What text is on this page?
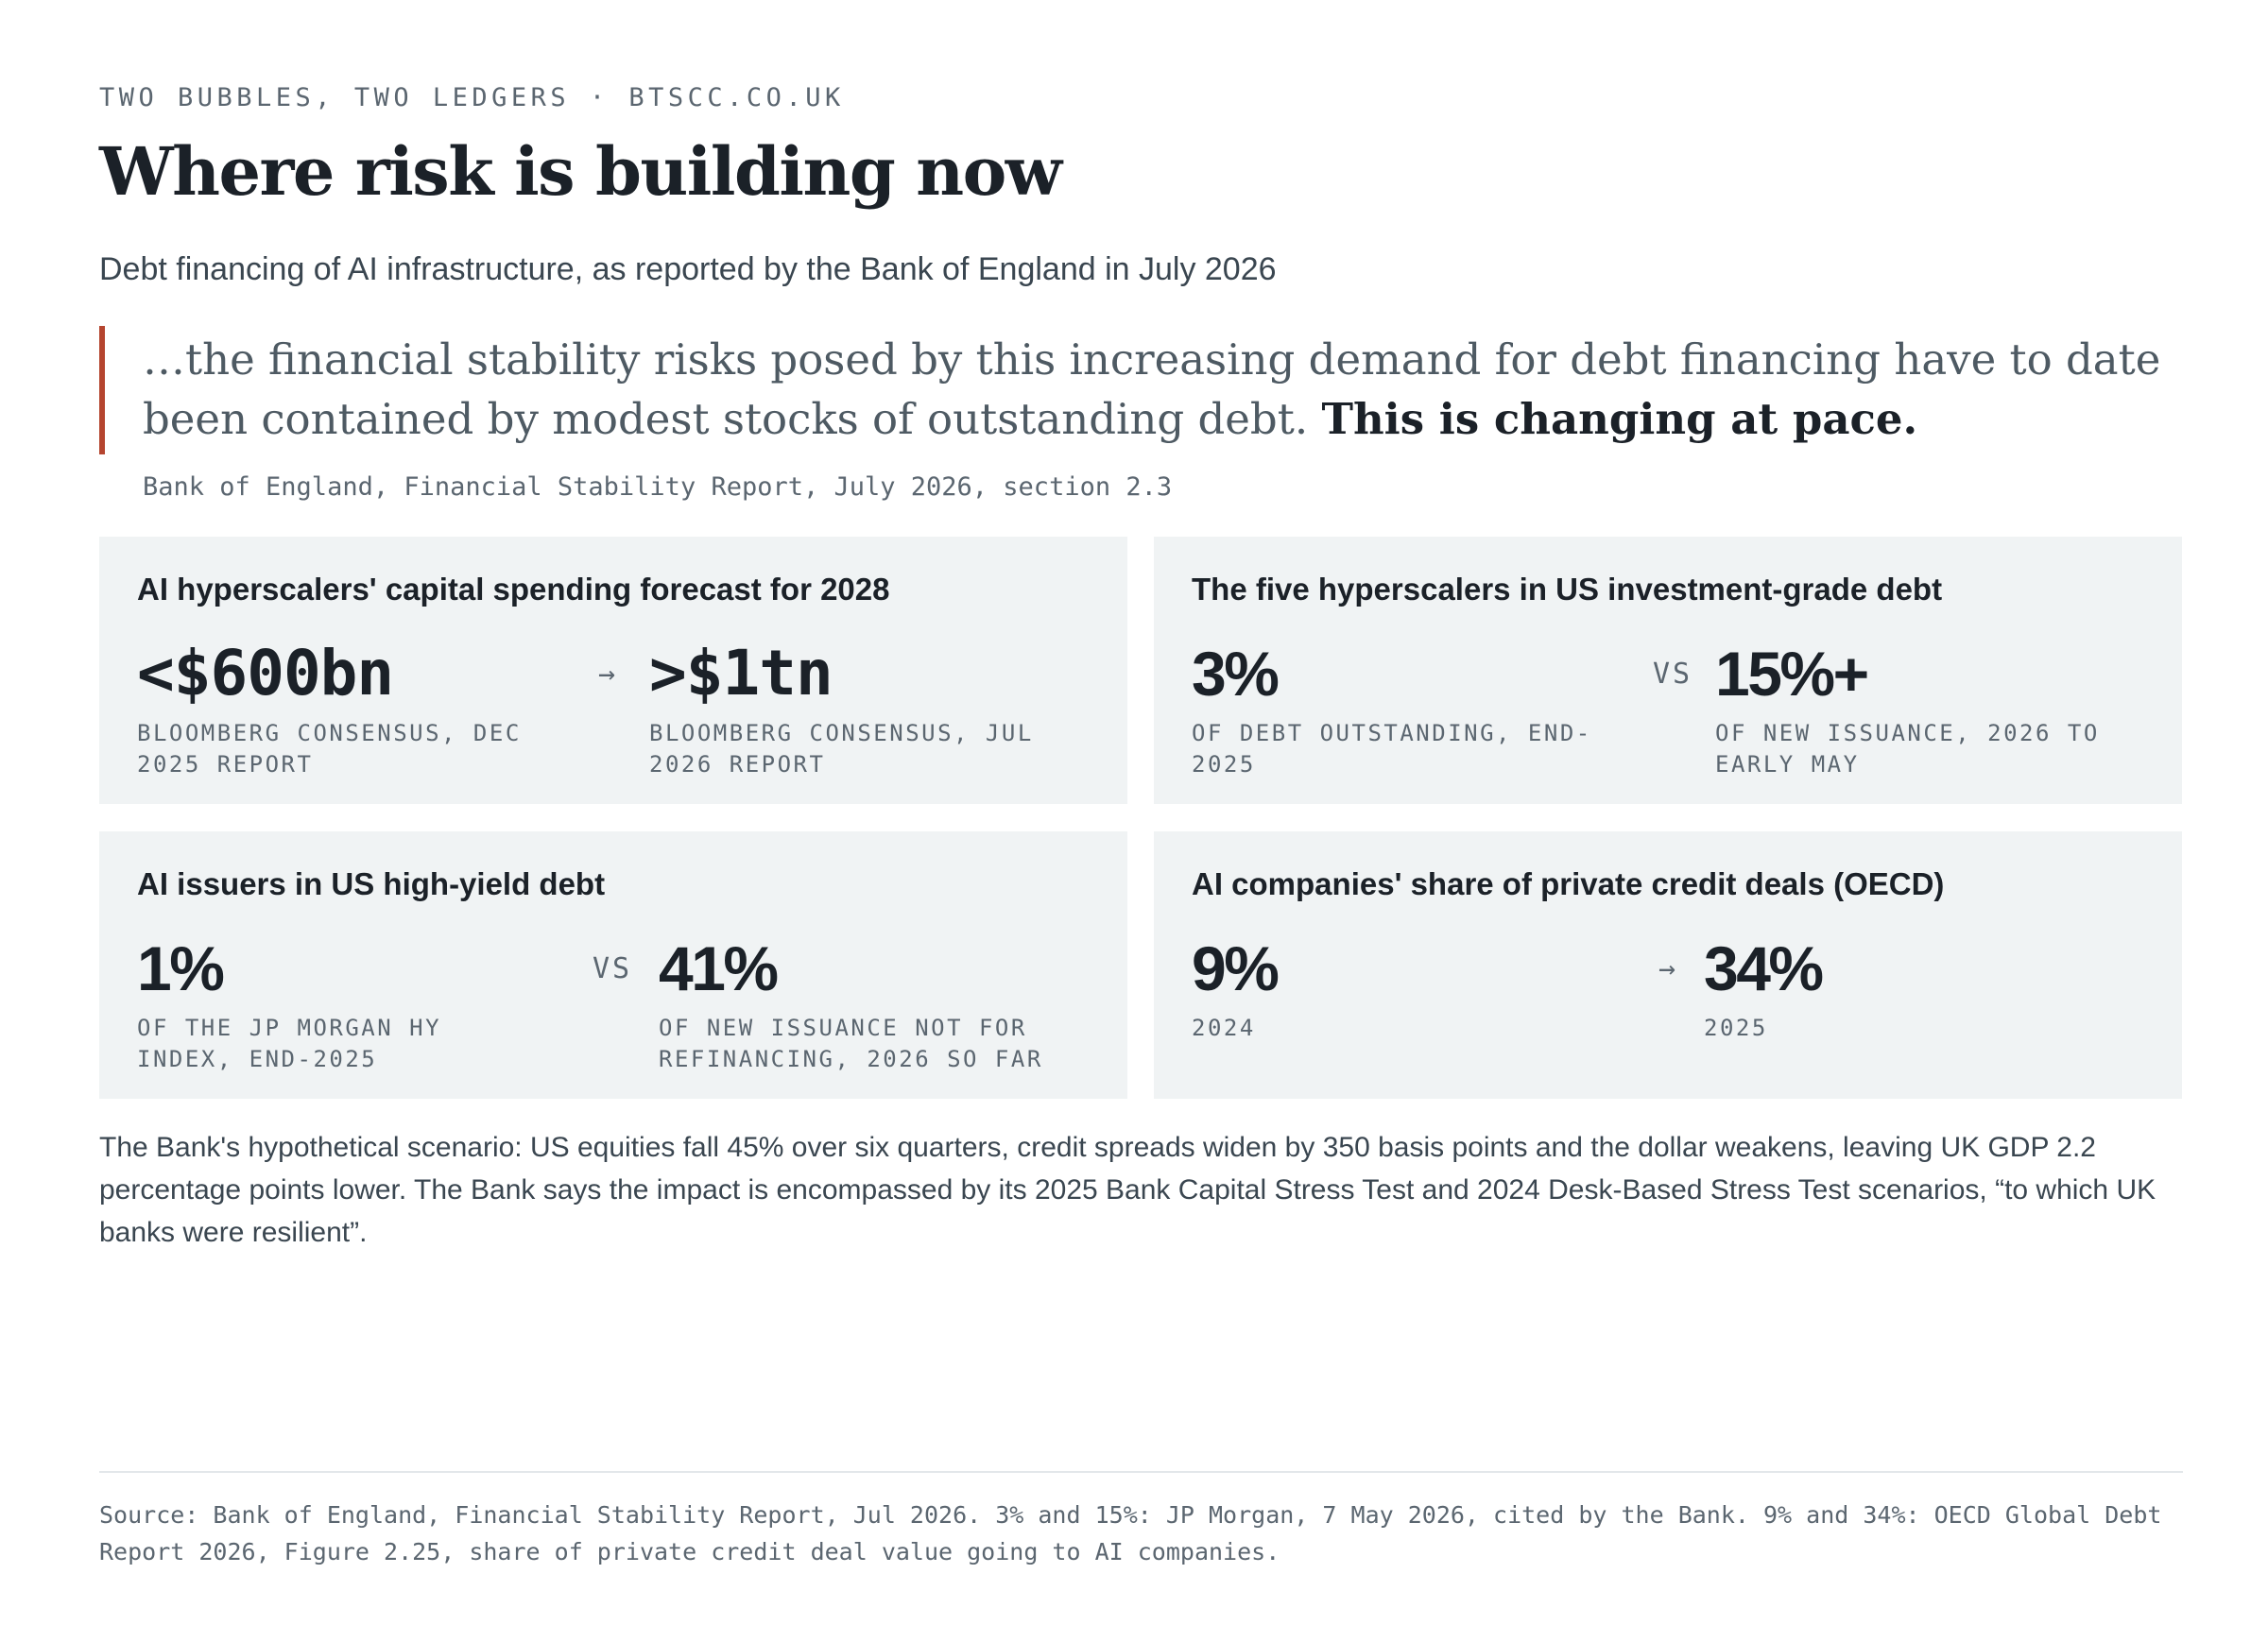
TWO BUBBLES, TWO LEDGERS · BTSCC.CO.UK
Where risk is building now
Debt financing of AI infrastructure, as reported by the Bank of England in July 2026
…the financial stability risks posed by this increasing demand for debt financing have to date been contained by modest stocks of outstanding debt. This is changing at pace.
Bank of England, Financial Stability Report, July 2026, section 2.3
AI hyperscalers' capital spending forecast for 2028
<$600bn
BLOOMBERG CONSENSUS, DEC 2025 REPORT
→ >$1tn
BLOOMBERG CONSENSUS, JUL 2026 REPORT
The five hyperscalers in US investment-grade debt
3%
OF DEBT OUTSTANDING, END-2025
VS 15%+
OF NEW ISSUANCE, 2026 TO EARLY MAY
AI issuers in US high-yield debt
1%
OF THE JP MORGAN HY INDEX, END-2025
VS 41%
OF NEW ISSUANCE NOT FOR REFINANCING, 2026 SO FAR
AI companies' share of private credit deals (OECD)
9%
2024
→ 34%
2025
The Bank's hypothetical scenario: US equities fall 45% over six quarters, credit spreads widen by 350 basis points and the dollar weakens, leaving UK GDP 2.2 percentage points lower. The Bank says the impact is encompassed by its 2025 Bank Capital Stress Test and 2024 Desk-Based Stress Test scenarios, “to which UK banks were resilient”.
Source: Bank of England, Financial Stability Report, Jul 2026. 3% and 15%: JP Morgan, 7 May 2026, cited by the Bank. 9% and 34%: OECD Global Debt Report 2026, Figure 2.25, share of private credit deal value going to AI companies.
